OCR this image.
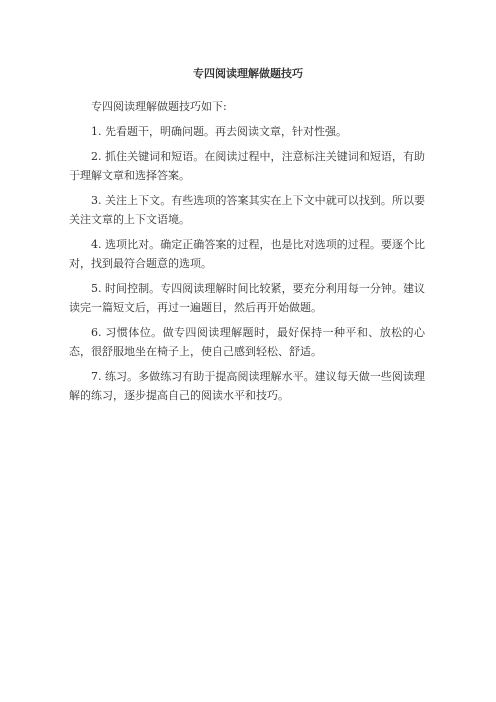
专四阅读理解做题技巧

专四阅读理解做题技巧如下:

1. 先看题干，明确问题。再去阅读文章，针对性强。

2. 抓住关键词和短语。在阅读过程中，注意标注关键词和短语，有助于理解文章和选择答案。

3. 关注上下文。有些选项的答案其实在上下文中就可以找到。所以要关注文章的上下文语境。

4. 选项比对。确定正确答案的过程，也是比对选项的过程。要逐个比对，找到最符合题意的选项。

5. 时间控制。专四阅读理解时间比较紧，要充分利用每一分钟。建议读完一篇短文后，再过一遍题目，然后再开始做题。

6. 习惯体位。做专四阅读理解题时，最好保持一种平和、放松的心态，很舒服地坐在椅子上，使自己感到轻松、舒适。

7. 练习。多做练习有助于提高阅读理解水平。建议每天做一些阅读理解的练习，逐步提高自己的阅读水平和技巧。
